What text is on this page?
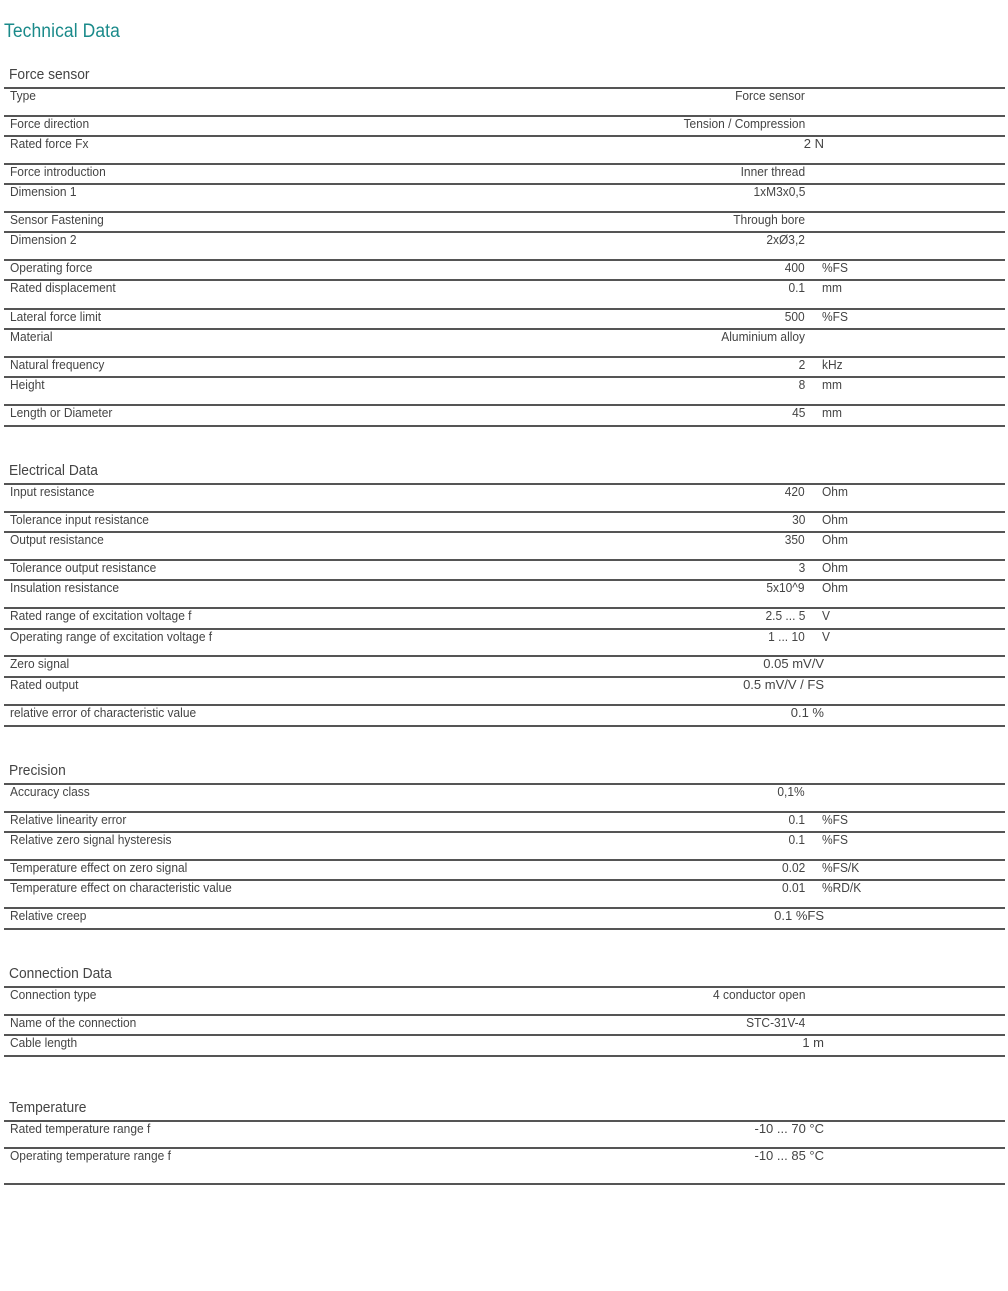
Technical Data
Force sensor
Type	Force sensor
Force direction	Tension / Compression
Rated force Fx	2 N
Force introduction	Inner thread
Dimension 1	1xM3x0,5
Sensor Fastening	Through bore
Dimension 2	2xØ3,2
Operating force	400 %FS
Rated displacement	0.1 mm
Lateral force limit	500 %FS
Material	Aluminium alloy
Natural frequency	2 kHz
Height	8 mm
Length or Diameter	45 mm
Electrical Data
Input resistance	420 Ohm
Tolerance input resistance	30 Ohm
Output resistance	350 Ohm
Tolerance output resistance	3 Ohm
Insulation resistance	5x10^9 Ohm
Rated range of excitation voltage f	2.5 ... 5 V
Operating range of excitation voltage f	1 ... 10 V
Zero signal	0.05 mV/V
Rated output	0.5 mV/V / FS
relative error of characteristic value	0.1 %
Precision
Accuracy class	0,1%
Relative linearity error	0.1 %FS
Relative zero signal hysteresis	0.1 %FS
Temperature effect on zero signal	0.02 %FS/K
Temperature effect on characteristic value	0.01 %RD/K
Relative creep	0.1 %FS
Connection Data
Connection type	4 conductor open
Name of the connection	STC-31V-4
Cable length	1 m
Temperature
Rated temperature range f	-10 ... 70 °C
Operating temperature range f	-10 ... 85 °C
